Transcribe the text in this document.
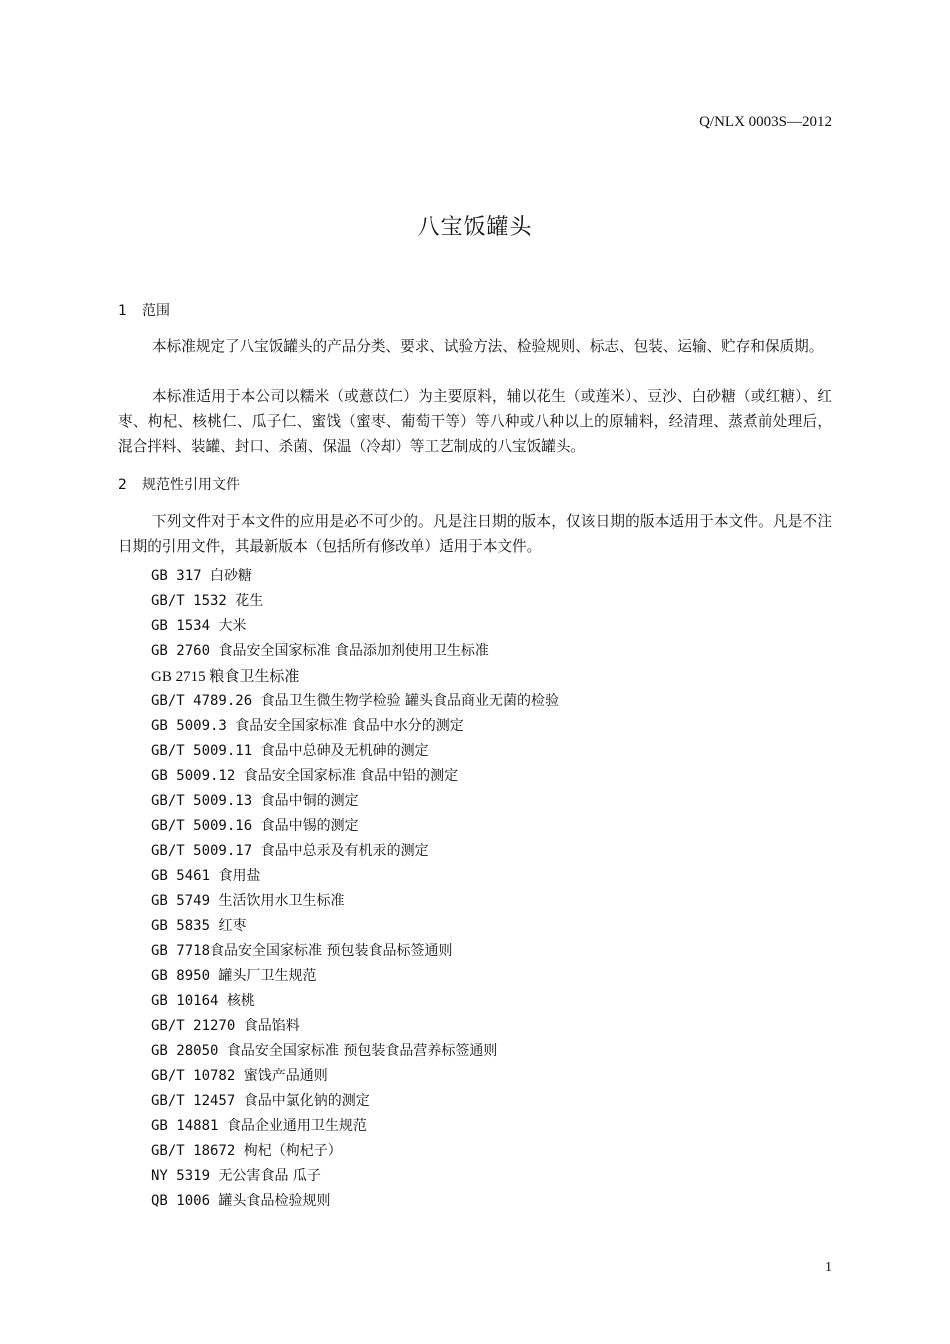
Q/NLX 0003S—2012
八宝饭罐头
1 范围
本标准规定了八宝饭罐头的产品分类、要求、试验方法、检验规则、标志、包装、运输、贮存和保质期。
本标准适用于本公司以糯米（或薏苡仁）为主要原料，辅以花生（或莲米）、豆沙、白砂糖（或红糖）、红枣、枸杞、核桃仁、瓜子仁、蜜饯（蜜枣、葡萄干等）等八种或八种以上的原辅料，经清理、蒸煮前处理后，混合拌料、装罐、封口、杀菌、保温（冷却）等工艺制成的八宝饭罐头。
2 规范性引用文件
下列文件对于本文件的应用是必不可少的。凡是注日期的版本，仅该日期的版本适用于本文件。凡是不注日期的引用文件，其最新版本（包括所有修改单）适用于本文件。
GB 317 白砂糖
GB/T 1532 花生
GB 1534 大米
GB 2760 食品安全国家标准 食品添加剂使用卫生标准
GB 2715 粮食卫生标准
GB/T 4789.26 食品卫生微生物学检验 罐头食品商业无菌的检验
GB 5009.3 食品安全国家标准 食品中水分的测定
GB/T 5009.11 食品中总砷及无机砷的测定
GB 5009.12 食品安全国家标准 食品中铅的测定
GB/T 5009.13 食品中铜的测定
GB/T 5009.16 食品中锡的测定
GB/T 5009.17 食品中总汞及有机汞的测定
GB 5461 食用盐
GB 5749 生活饮用水卫生标准
GB 5835 红枣
GB 7718食品安全国家标准 预包装食品标签通则
GB 8950 罐头厂卫生规范
GB 10164 核桃
GB/T 21270 食品馅料
GB 28050 食品安全国家标准 预包装食品营养标签通则
GB/T 10782 蜜饯产品通则
GB/T 12457 食品中氯化钠的测定
GB 14881 食品企业通用卫生规范
GB/T 18672 枸杞（枸杞子）
NY 5319 无公害食品 瓜子
QB 1006 罐头食品检验规则
1
